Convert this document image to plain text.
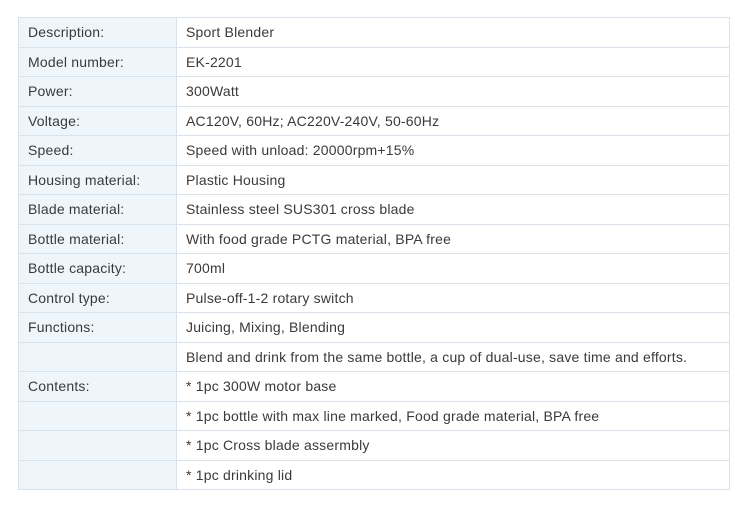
Description:	Sport Blender
Model number:	EK-2201
Power:	300Watt
Voltage:	AC120V, 60Hz; AC220V-240V, 50-60Hz
Speed:	Speed with unload: 20000rpm+15%
Housing material:	Plastic Housing
Blade material:	Stainless steel SUS301 cross blade
Bottle material:	With food grade PCTG material, BPA free
Bottle capacity:	700ml
Control type:	Pulse-off-1-2 rotary switch
Functions:	Juicing, Mixing, Blending
	Blend and drink from the same bottle, a cup of dual-use, save time and efforts.
Contents:	* 1pc 300W motor base
	* 1pc bottle with max line marked, Food grade material, BPA free
	* 1pc Cross blade assermbly
	* 1pc drinking lid
